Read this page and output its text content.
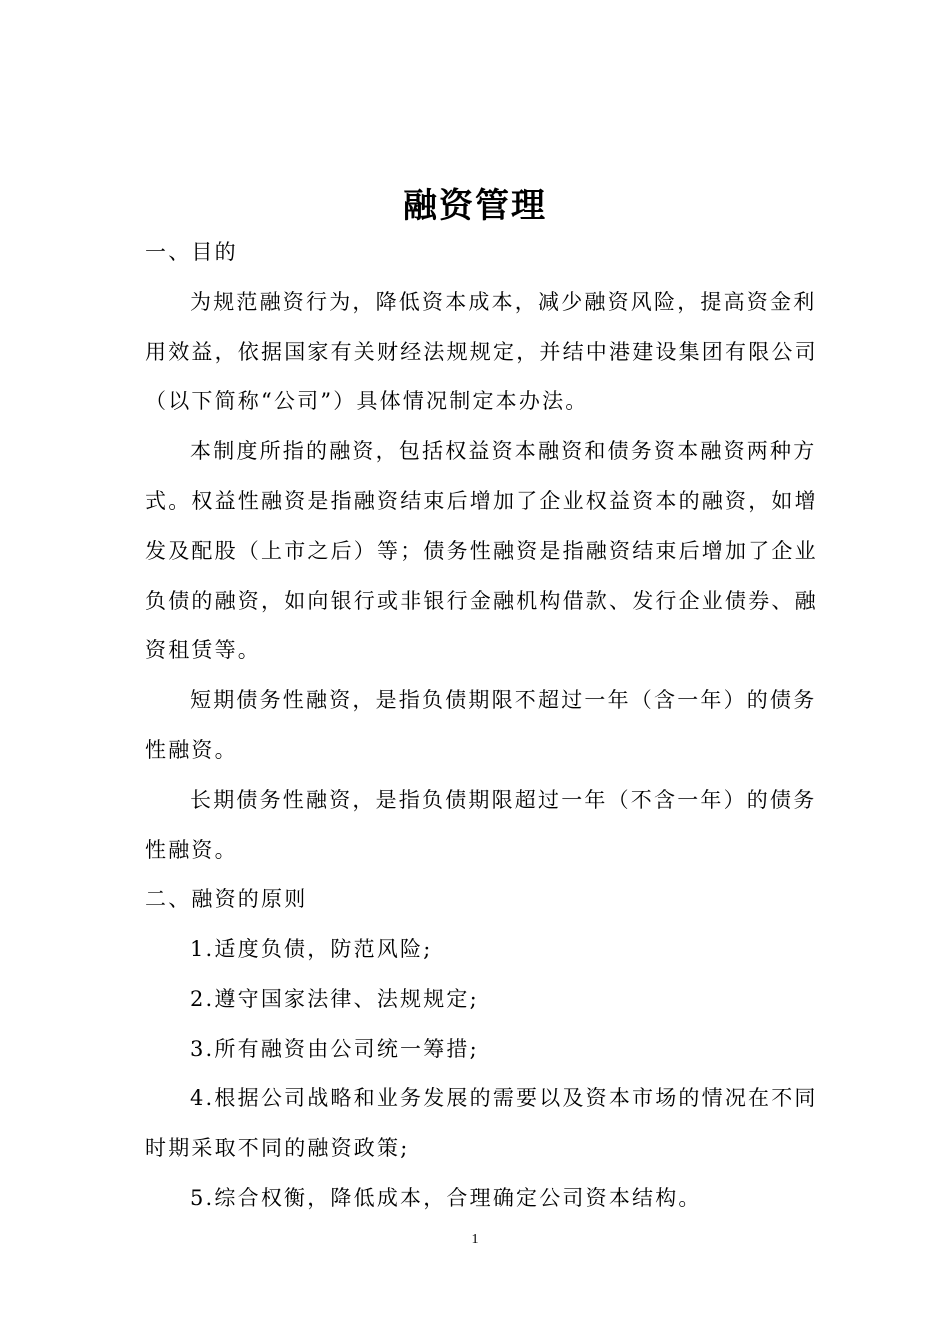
融资管理
一、目的
为规范融资行为，降低资本成本，减少融资风险，提高资金利
用效益，依据国家有关财经法规规定，并结中港建设集团有限公司
（以下简称“公司”）具体情况制定本办法。
本制度所指的融资，包括权益资本融资和债务资本融资两种方
式。权益性融资是指融资结束后增加了企业权益资本的融资，如增
发及配股（上市之后）等；债务性融资是指融资结束后增加了企业
负债的融资，如向银行或非银行金融机构借款、发行企业债券、融
资租赁等。
短期债务性融资，是指负债期限不超过一年（含一年）的债务
性融资。
长期债务性融资，是指负债期限超过一年（不含一年）的债务
性融资。
二、融资的原则
1.适度负债，防范风险;
2.遵守国家法律、法规规定;
3.所有融资由公司统一筹措;
4.根据公司战略和业务发展的需要以及资本市场的情况在不同
时期采取不同的融资政策;
5.综合权衡，降低成本，合理确定公司资本结构。
1
